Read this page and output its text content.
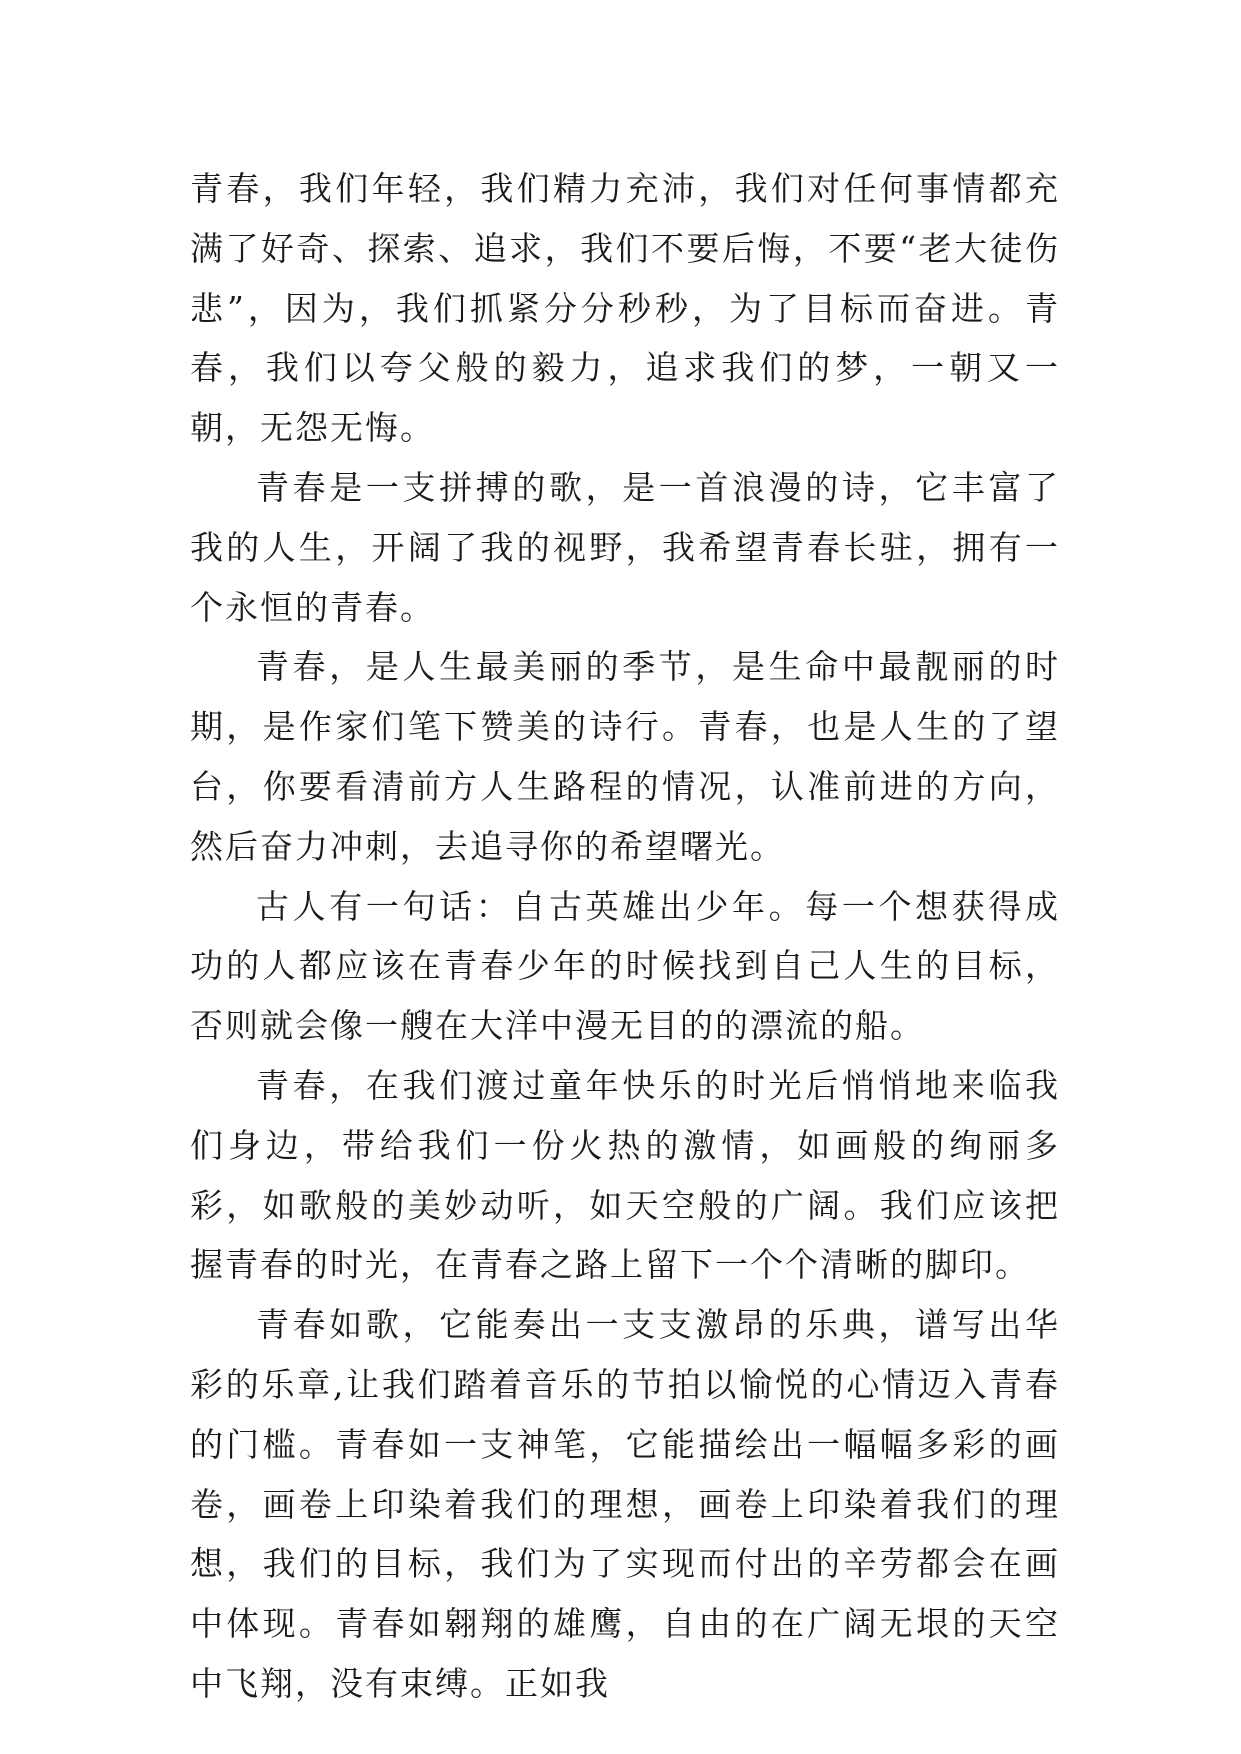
青春，我们年轻，我们精力充沛，我们对任何事情都充满了好奇、探索、追求，我们不要后悔，不要“老大徒伤悲”，因为，我们抓紧分分秒秒，为了目标而奋进。青春，我们以夸父般的毅力，追求我们的梦，一朝又一朝，无怨无悔。

青春是一支拼搏的歌，是一首浪漫的诗，它丰富了我的人生，开阔了我的视野，我希望青春长驻，拥有一个永恒的青春。

青春，是人生最美丽的季节，是生命中最靓丽的时期，是作家们笔下赞美的诗行。青春，也是人生的了望台，你要看清前方人生路程的情况，认准前进的方向，然后奋力冲刺，去追寻你的希望曙光。

古人有一句话：自古英雄出少年。每一个想获得成功的人都应该在青春少年的时候找到自己人生的目标，否则就会像一艘在大洋中漫无目的的漂流的船。

青春，在我们渡过童年快乐的时光后悄悄地来临我们身边，带给我们一份火热的激情，如画般的绚丽多彩，如歌般的美妙动听，如天空般的广阔。我们应该把握青春的时光，在青春之路上留下一个个清晰的脚印。

青春如歌，它能奏出一支支激昂的乐典，谱写出华彩的乐章,让我们踏着音乐的节拍以愉悦的心情迈入青春的门槛。青春如一支神笔，它能描绘出一幅幅多彩的画卷，画卷上印染着我们的理想，画卷上印染着我们的理想，我们的目标，我们为了实现而付出的辛劳都会在画中体现。青春如翱翔的雄鹰，自由的在广阔无垠的天空中飞翔，没有束缚。正如我
